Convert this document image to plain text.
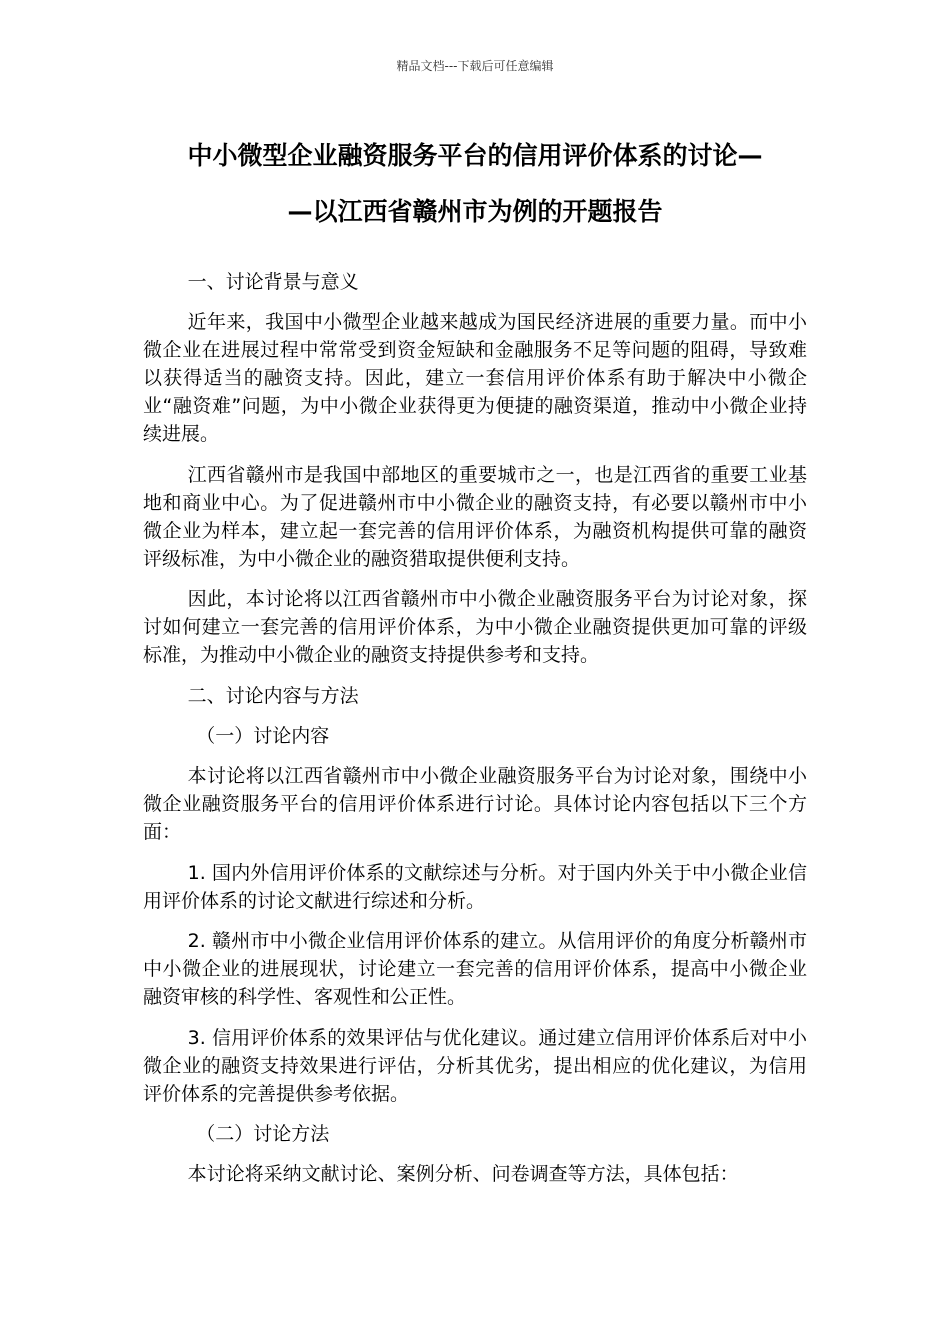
精品文档---下载后可任意编辑
中小微型企业融资服务平台的信用评价体系的讨论—
—以江西省赣州市为例的开题报告

一、讨论背景与意义

近年来，我国中小微型企业越来越成为国民经济进展的重要力量。而中小微企业在进展过程中常常受到资金短缺和金融服务不足等问题的阻碍，导致难以获得适当的融资支持。因此，建立一套信用评价体系有助于解决中小微企业“融资难”问题，为中小微企业获得更为便捷的融资渠道，推动中小微企业持续进展。

江西省赣州市是我国中部地区的重要城市之一，也是江西省的重要工业基地和商业中心。为了促进赣州市中小微企业的融资支持，有必要以赣州市中小微企业为样本，建立起一套完善的信用评价体系，为融资机构提供可靠的融资评级标准，为中小微企业的融资猎取提供便利支持。

因此，本讨论将以江西省赣州市中小微企业融资服务平台为讨论对象，探讨如何建立一套完善的信用评价体系，为中小微企业融资提供更加可靠的评级标准，为推动中小微企业的融资支持提供参考和支持。

二、讨论内容与方法

（一）讨论内容

本讨论将以江西省赣州市中小微企业融资服务平台为讨论对象，围绕中小微企业融资服务平台的信用评价体系进行讨论。具体讨论内容包括以下三个方面：

1. 国内外信用评价体系的文献综述与分析。对于国内外关于中小微企业信用评价体系的讨论文献进行综述和分析。

2. 赣州市中小微企业信用评价体系的建立。从信用评价的角度分析赣州市中小微企业的进展现状，讨论建立一套完善的信用评价体系，提高中小微企业融资审核的科学性、客观性和公正性。

3. 信用评价体系的效果评估与优化建议。通过建立信用评价体系后对中小微企业的融资支持效果进行评估，分析其优劣，提出相应的优化建议，为信用评价体系的完善提供参考依据。

（二）讨论方法

本讨论将采纳文献讨论、案例分析、问卷调查等方法，具体包括：
